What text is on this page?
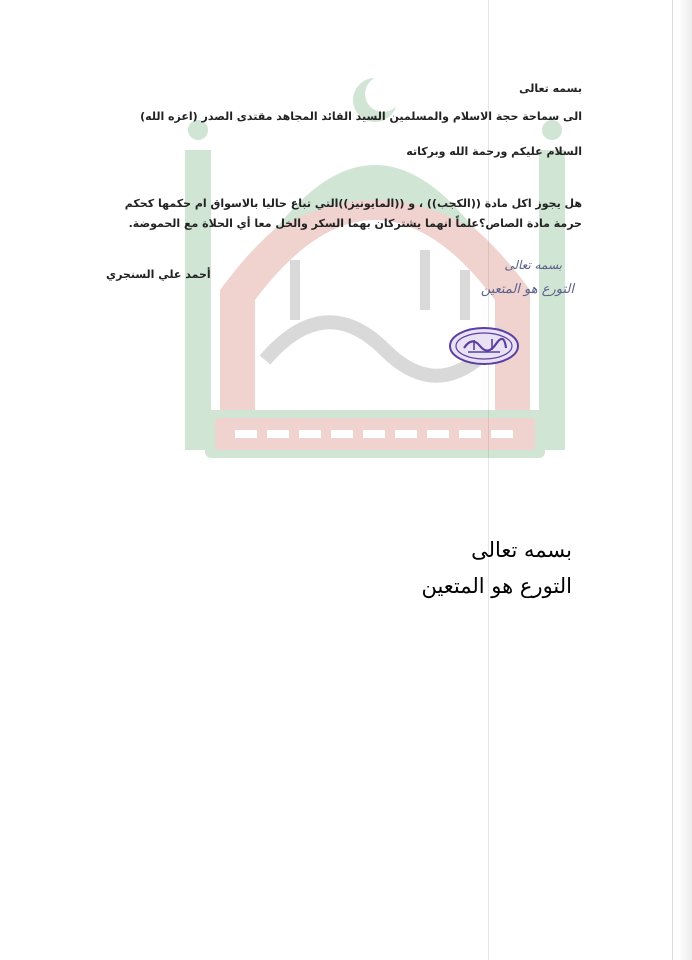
بسمه تعالى
الى سماحة حجة الاسلام والمسلمين السيد القائد المجاهد مقتدى الصدر (اعزه الله)
السلام عليكم ورحمة الله وبركاته
هل يجوز اكل مادة ((الكجب)) ، و ((المايونيز))التي تباع حاليا بالاسواق ام حكمها كحكم حرمة مادة الصاص؟علماً انهما يشتركان بهما السكر والخل معا أي الحلاة مع الحموضة.
أحمد علي السنجري
بسمه تعالى
التورع هو المتعين
بسمه تعالى
التورع هو المتعين
